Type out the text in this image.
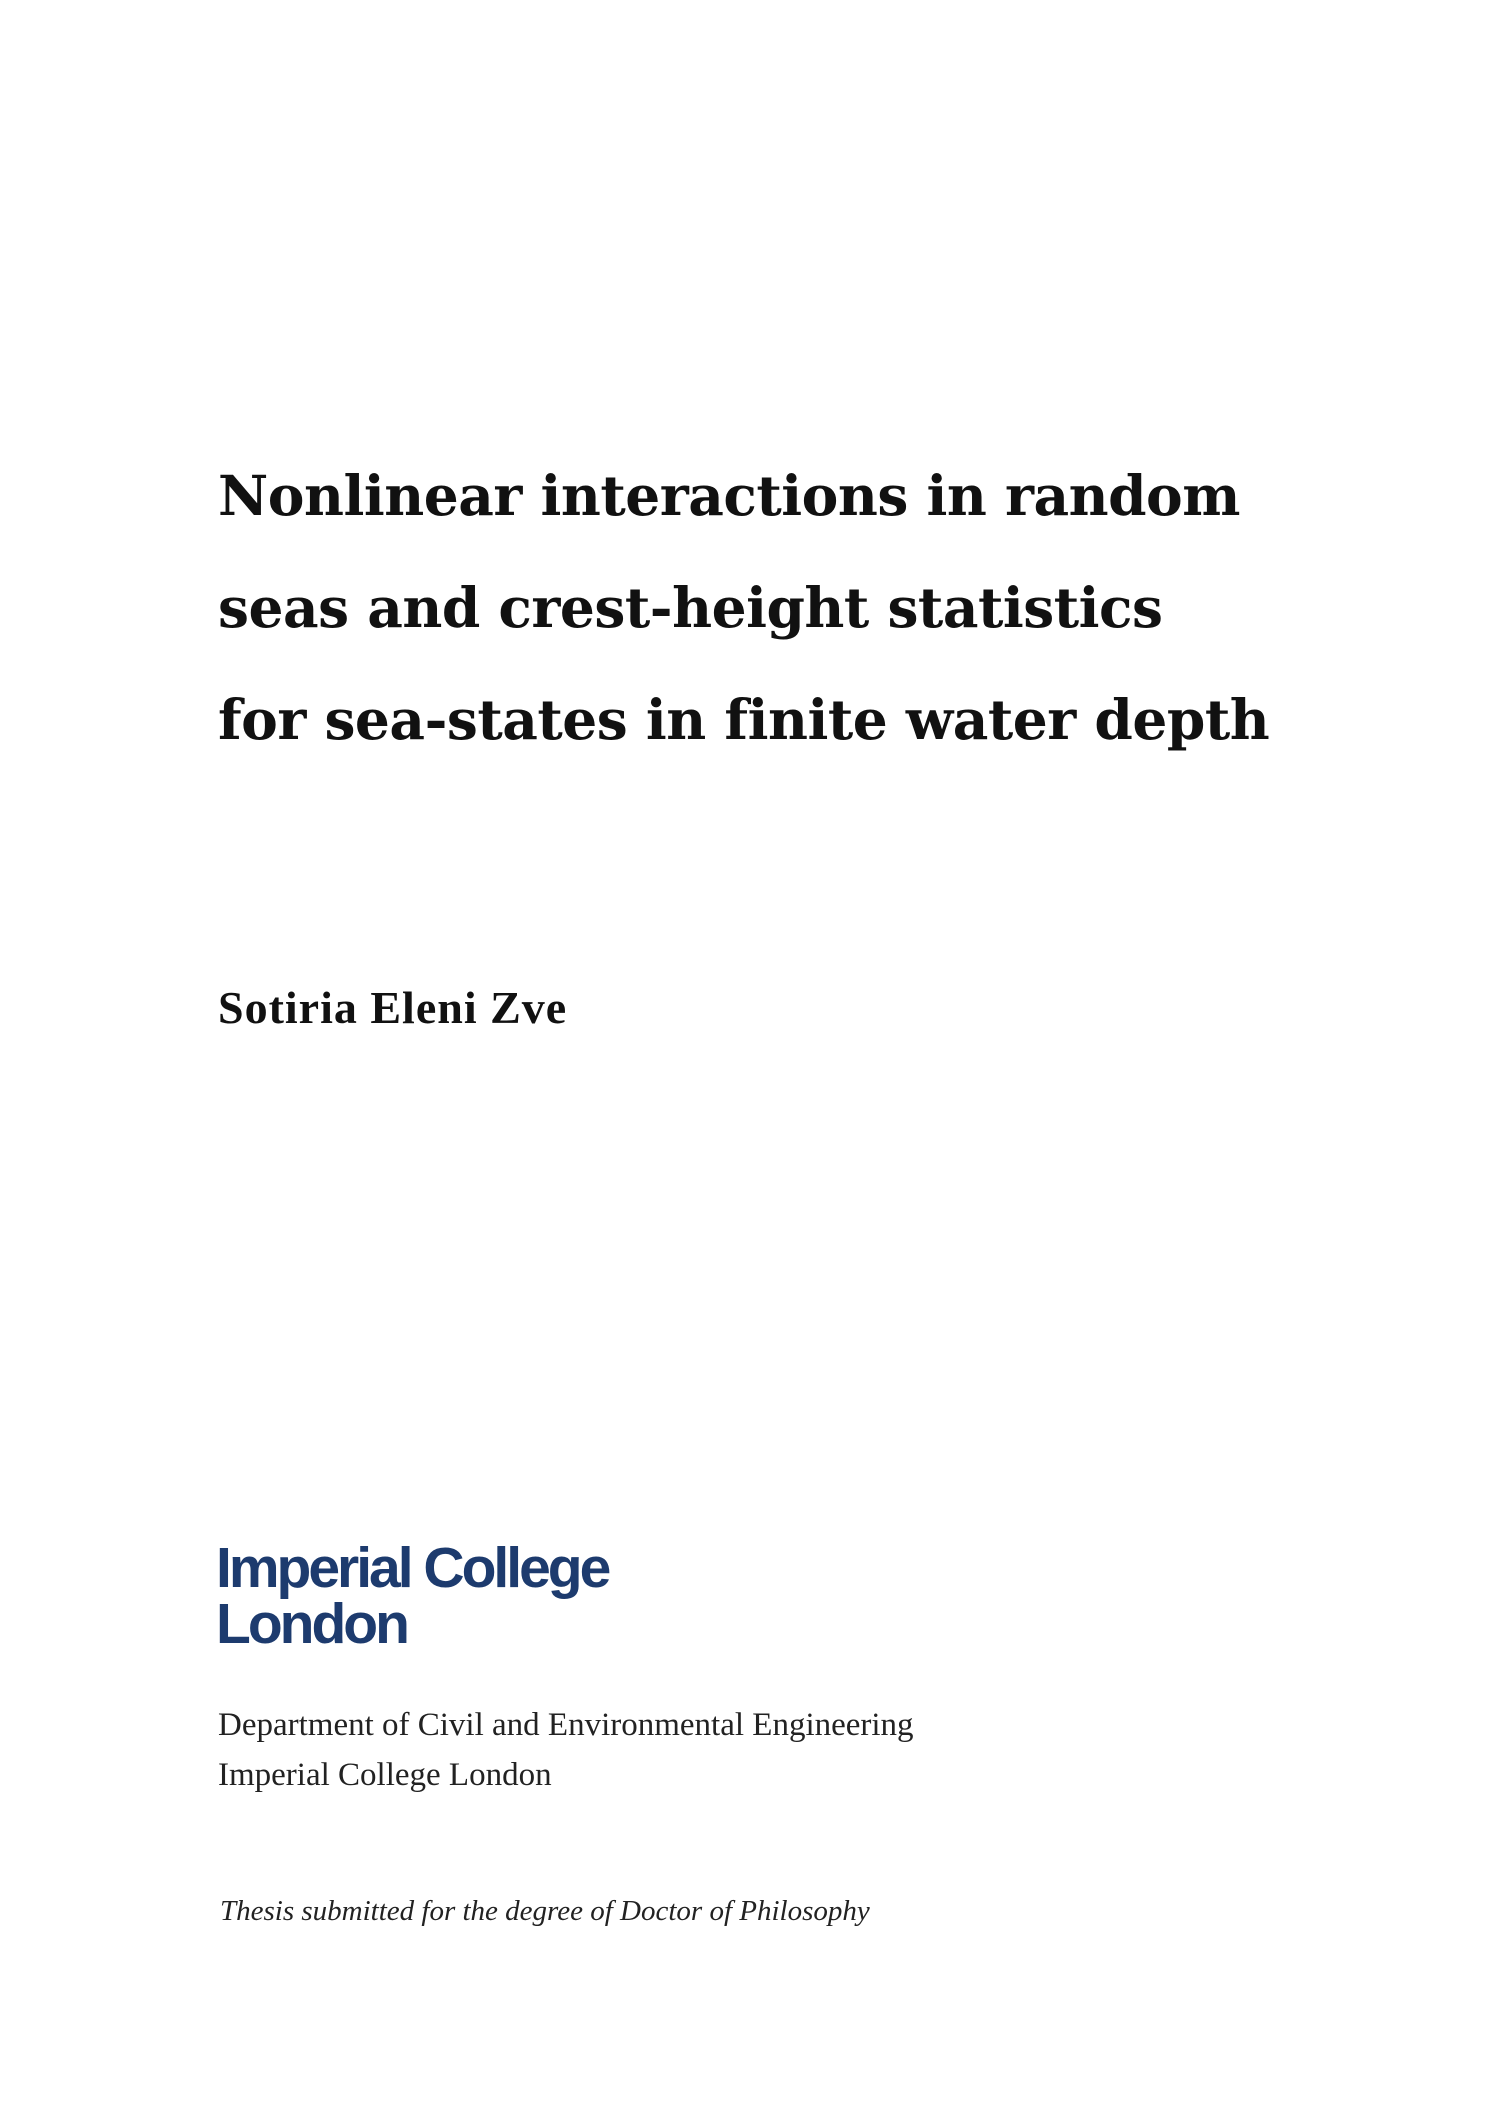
Nonlinear interactions in random
seas and crest-height statistics
for sea-states in finite water depth

Sotiria Eleni Zve

Imperial College
London
Department of Civil and Environmental Engineering
Imperial College London

Thesis submitted for the degree of Doctor of Philosophy
